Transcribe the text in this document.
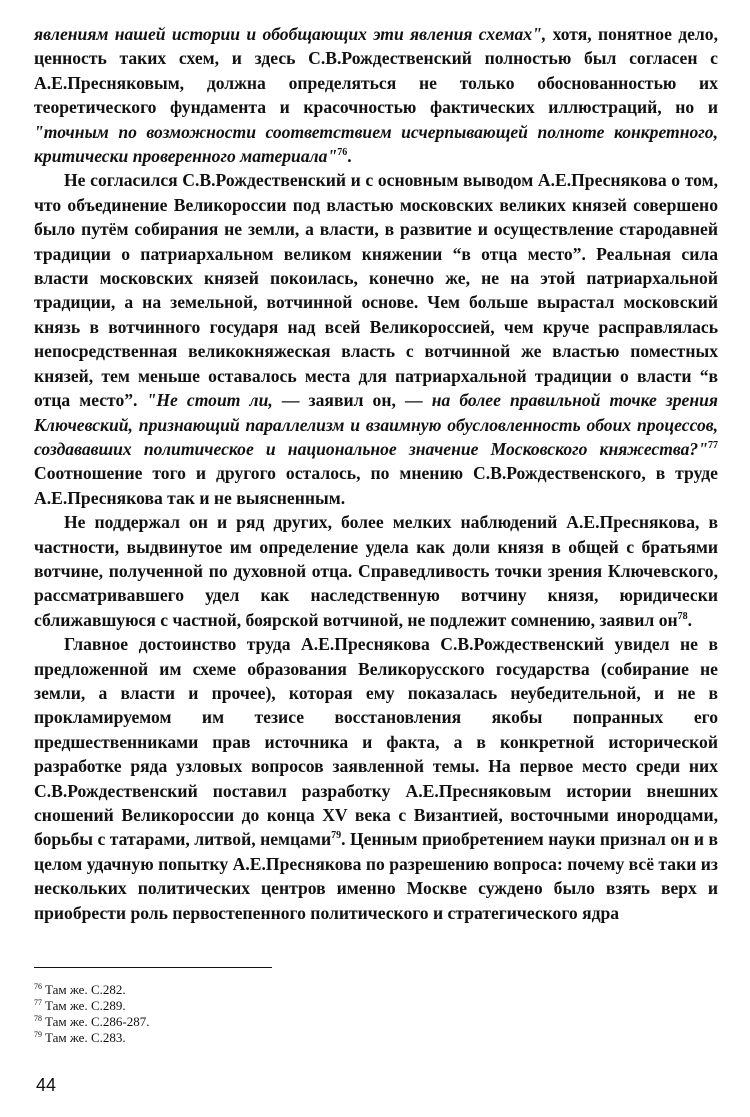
явлениям нашей истории и обобщающих эти явления схемах", хотя, понятное дело, ценность таких схем, и здесь С.В.Рождественский полностью был согласен с А.Е.Пресняковым, должна определяться не только обоснованностью их теоретического фундамента и красочностью фактических иллюстраций, но и "точным по возможности соответствием исчерпывающей полноте конкретного, критически проверенного материала"$^{76}$.

Не согласился С.В.Рождественский и с основным выводом А.Е.Преснякова о том, что объединение Великороссии под властью московских великих князей совершено было путём собирания не земли, а власти, в развитие и осуществление стародавней традиции о патриархальном великом княжении “в отца место”. Реальная сила власти московских князей покоилась, конечно же, не на этой патриархальной традиции, а на земельной, вотчинной основе. Чем больше вырастал московский князь в вотчинного государя над всей Великороссией, чем круче расправлялась непосредственная великокняжеская власть с вотчинной же властью поместных князей, тем меньше оставалось места для патриархальной традиции о власти “в отца место”. "Не стоит ли, — заявил он, — на более правильной точке зрения Ключевский, признающий параллелизм и взаимную обусловленность обоих процессов, создававших политическое и национальное значение Московского княжества?"$^{77}$ Соотношение того и другого осталось, по мнению С.В.Рождественского, в труде А.Е.Преснякова так и не выясненным.

Не поддержал он и ряд других, более мелких наблюдений А.Е.Преснякова, в частности, выдвинутое им определение удела как доли князя в общей с братьями вотчине, полученной по духовной отца. Справедливость точки зрения Ключевского, рассматривавшего удел как наследственную вотчину князя, юридически сближавшуюся с частной, боярской вотчиной, не подлежит сомнению, заявил $он^{78}$.

Главное достоинство труда А.Е.Преснякова С.В.Рождественский увидел не в предложенной им схеме образования Великорусского государства (собирание не земли, а власти и прочее), которая ему показалась неубедительной, и не в прокламируемом им тезисе восстановления якобы попранных его предшественниками прав источника и факта, а в конкретной исторической разработке ряда узловых вопросов заявленной темы. На первое место среди них С.В.Рождественский поставил разработку А.Е.Пресняковым истории внешних сношений Великороссии до конца XV века с Византией, восточными инородцами, борьбы с татарами, литвой, немцами$^{79}$. Ценным приобретением науки признал он и в целом удачную попытку А.Е.Преснякова по разрешению вопроса: почему всё таки из нескольких политических центров именно Москве суждено было взять верх и приобрести роль первостепенного политического и стратегического ядра

$^{76}$ Там же. С.282.
$^{77}$ Там же. С.289.
$^{78}$ Там же. С.286-287.
$^{79}$ Там же. С.283.
44
